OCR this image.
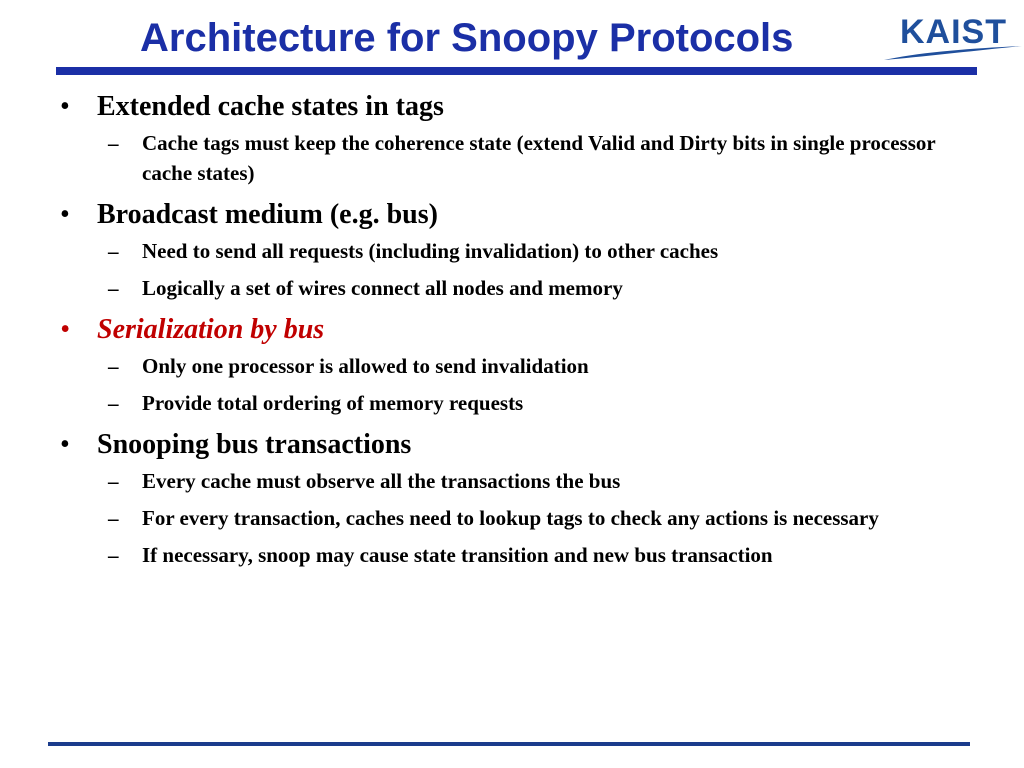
Architecture for Snoopy Protocols	KAIST
• Extended cache states in tags
– Cache tags must keep the coherence state (extend Valid and Dirty bits in single processor cache states)
• Broadcast medium (e.g. bus)
– Need to send all requests (including invalidation) to other caches
– Logically a set of wires connect all nodes and memory
• Serialization by bus
– Only one processor is allowed to send invalidation
– Provide total ordering of memory requests
• Snooping bus transactions
– Every cache must observe all the transactions the bus
– For every transaction, caches need to lookup tags to check any actions is necessary
– If necessary, snoop may cause state transition and new bus transaction
